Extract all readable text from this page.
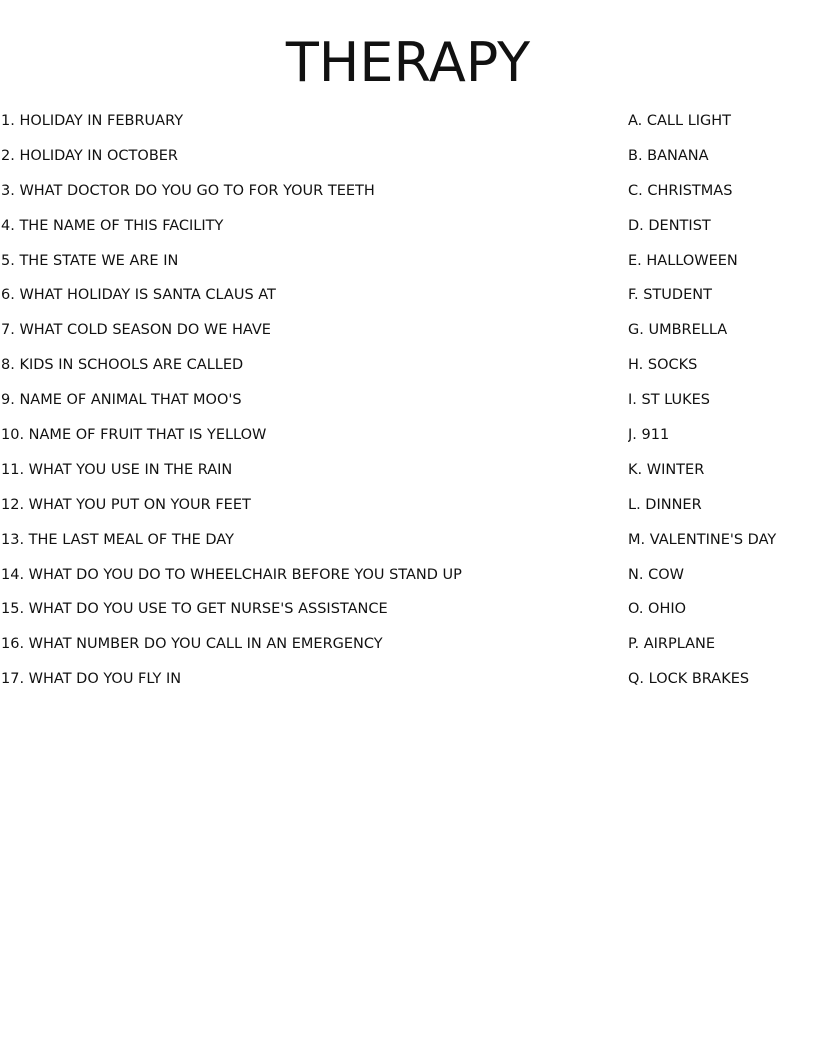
THERAPY
1. HOLIDAY IN FEBRUARY
2. HOLIDAY IN OCTOBER
3. WHAT DOCTOR DO YOU GO TO FOR YOUR TEETH
4. THE NAME OF THIS FACILITY
5. THE STATE WE ARE IN
6. WHAT HOLIDAY IS SANTA CLAUS AT
7. WHAT COLD SEASON DO WE HAVE
8. KIDS IN SCHOOLS ARE CALLED
9. NAME OF ANIMAL THAT MOO'S
10. NAME OF FRUIT THAT IS YELLOW
11. WHAT YOU USE IN THE RAIN
12. WHAT YOU PUT ON YOUR FEET
13. THE LAST MEAL OF THE DAY
14. WHAT DO YOU DO TO WHEELCHAIR BEFORE YOU STAND UP
15. WHAT DO YOU USE TO GET NURSE'S ASSISTANCE
16. WHAT NUMBER DO YOU CALL IN AN EMERGENCY
17. WHAT DO YOU FLY IN
A. CALL LIGHT
B. BANANA
C. CHRISTMAS
D. DENTIST
E. HALLOWEEN
F. STUDENT
G. UMBRELLA
H. SOCKS
I. ST LUKES
J. 911
K. WINTER
L. DINNER
M. VALENTINE'S DAY
N. COW
O. OHIO
P. AIRPLANE
Q. LOCK BRAKES
